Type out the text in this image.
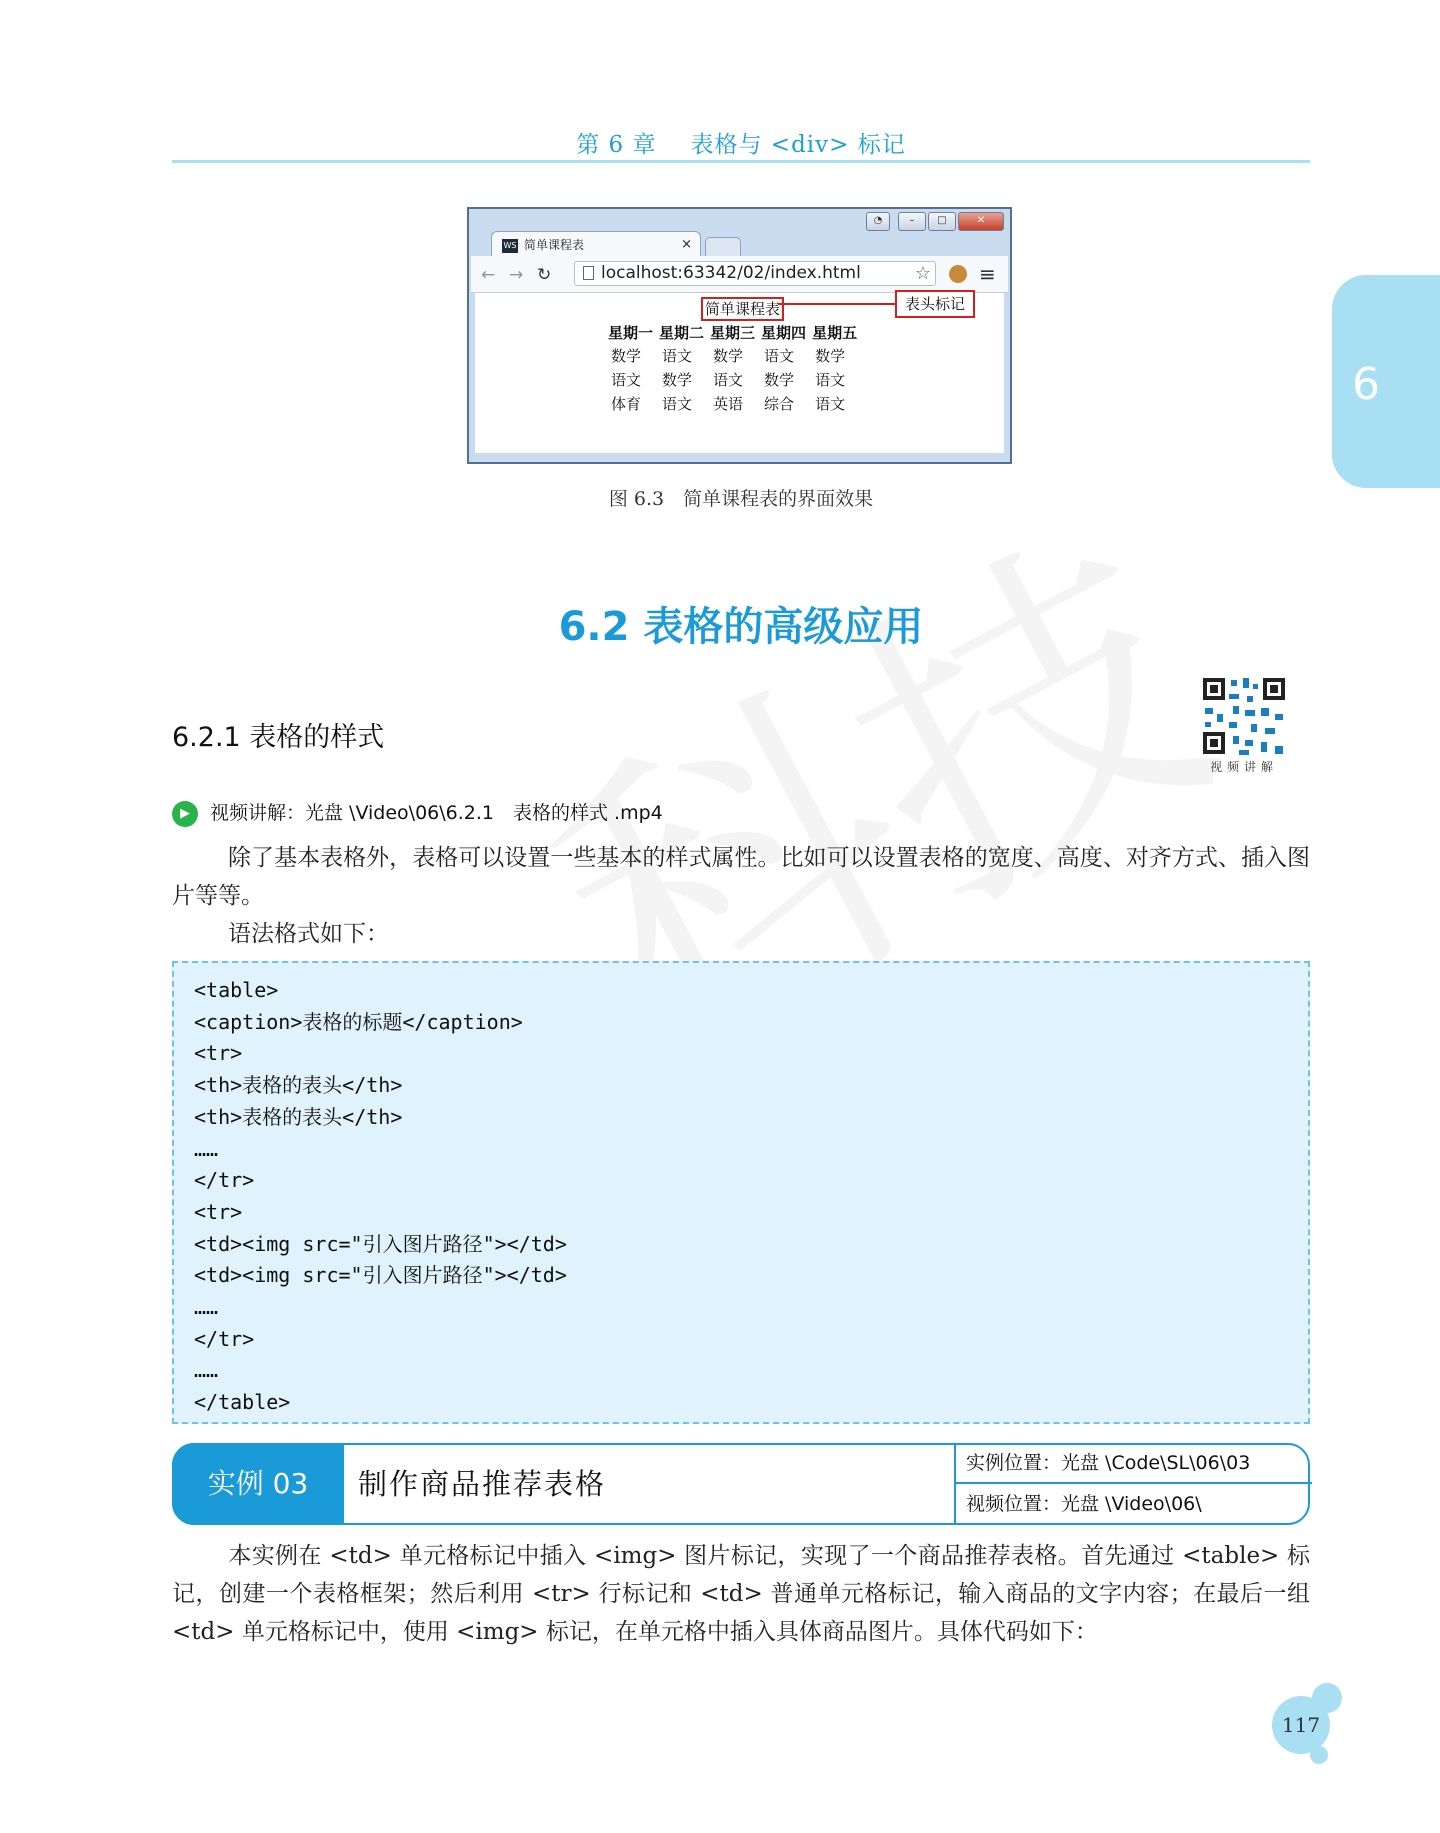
第 6 章 表格与 <div> 标记
6
◔	–	□	✕
WS 简单课程表	×
← → ↻	localhost:63342/02/index.html	☆ ≡
简单课程表	表头标记
星期一	星期二	星期三	星期四	星期五
数学	语文	数学	语文	数学
语文	数学	语文	数学	语文
体育	语文	英语	综合	语文
图 6.3　简单课程表的界面效果
6.2 表格的高级应用
6.2.1 表格的样式
视频讲解
▶ 视频讲解：光盘 \Video\06\6.2.1　表格的样式 .mp4
除了基本表格外，表格可以设置一些基本的样式属性。比如可以设置表格的宽度、高度、对齐方式、插入图片等等。
语法格式如下：
<table>
<caption>表格的标题</caption>
<tr>
<th>表格的表头</th>
<th>表格的表头</th>
……
</tr>
<tr>
<td><img src="引入图片路径"></td>
<td><img src="引入图片路径"></td>
……
</tr>
……
</table>
实例 03	制作商品推荐表格
实例位置：光盘 \Code\SL\06\03
视频位置：光盘 \Video\06\
本实例在 <td> 单元格标记中插入 <img> 图片标记，实现了一个商品推荐表格。首先通过 <table> 标记，创建一个表格框架；然后利用 <tr> 行标记和 <td> 普通单元格标记，输入商品的文字内容；在最后一组 <td> 单元格标记中，使用 <img> 标记，在单元格中插入具体商品图片。具体代码如下：
117
